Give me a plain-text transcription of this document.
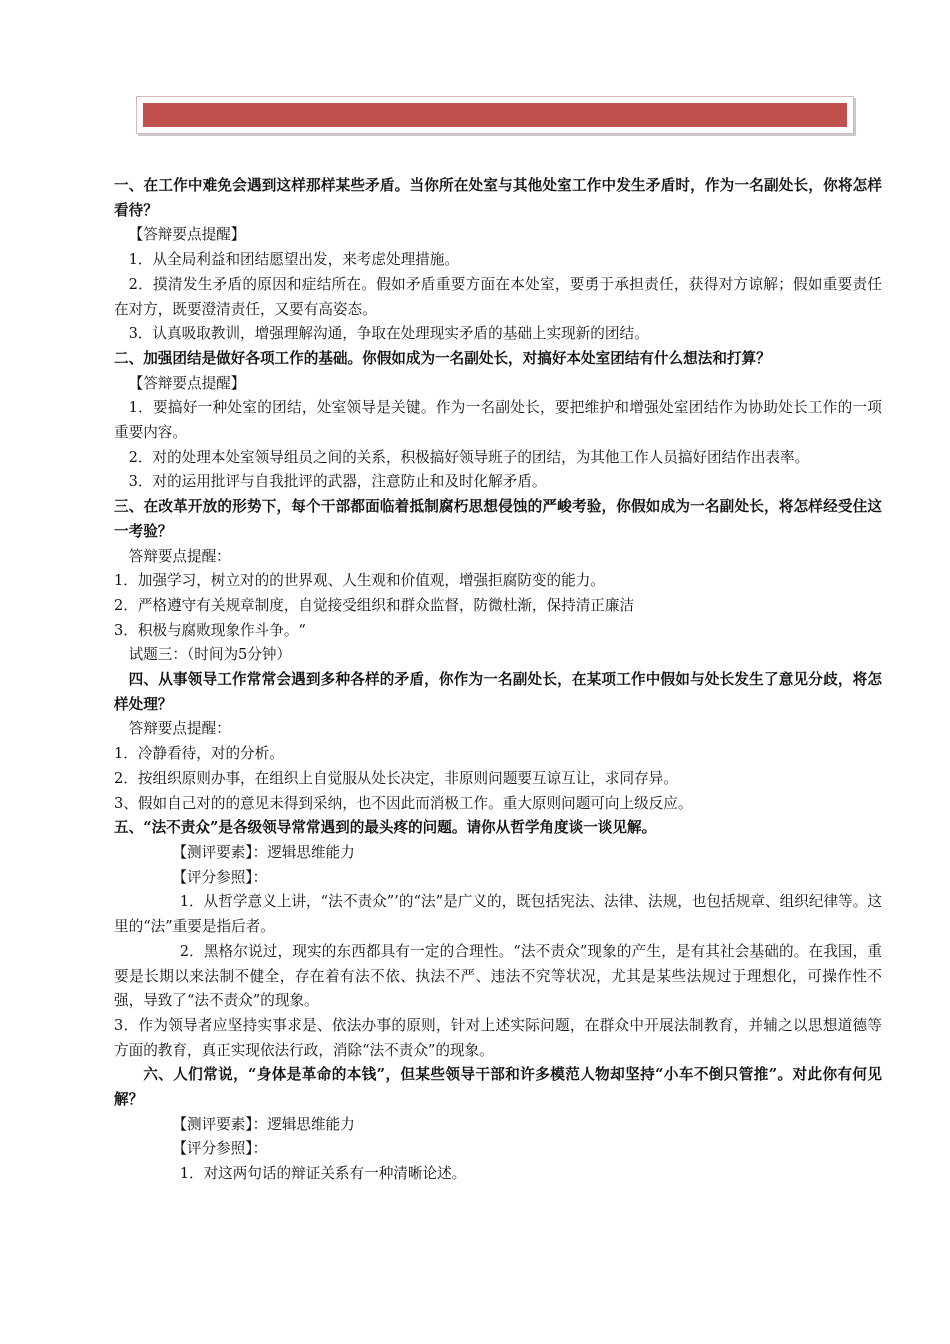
一、在工作中难免会遇到这样那样某些矛盾。当你所在处室与其他处室工作中发生矛盾时，作为一名副处长，你将怎样看待？

【答辩要点提醒】

1．从全局利益和团结愿望出发，来考虑处理措施。

2．摸清发生矛盾的原因和症结所在。假如矛盾重要方面在本处室，要勇于承担责任，获得对方谅解；假如重要责任在对方，既要澄清责任，又要有高姿态。

3．认真吸取教训，增强理解沟通，争取在处理现实矛盾的基础上实现新的团结。

二、加强团结是做好各项工作的基础。你假如成为一名副处长，对搞好本处室团结有什么想法和打算？

【答辩要点提醒】

1．要搞好一种处室的团结，处室领导是关键。作为一名副处长，要把维护和增强处室团结作为协助处长工作的一项重要内容。

2．对的处理本处室领导组员之间的关系，积极搞好领导班子的团结，为其他工作人员搞好团结作出表率。

3．对的运用批评与自我批评的武器，注意防止和及时化解矛盾。

三、在改革开放的形势下，每个干部都面临着抵制腐朽思想侵蚀的严峻考验，你假如成为一名副处长，将怎样经受住这一考验？

答辩要点提醒：

1．加强学习，树立对的的世界观、人生观和价值观，增强拒腐防变的能力。

2．严格遵守有关规章制度，自觉接受组织和群众监督，防微杜渐，保持清正廉洁

3．积极与腐败现象作斗争。“

试题三：（时间为5分钟）

四、从事领导工作常常会遇到多种各样的矛盾，你作为一名副处长，在某项工作中假如与处长发生了意见分歧，将怎样处理？

答辩要点提醒：

1．冷静看待，对的分析。

2．按组织原则办事，在组织上自觉服从处长决定，非原则问题要互谅互让，求同存异。

3、假如自己对的的意见未得到采纳，也不因此而消极工作。重大原则问题可向上级反应。

五、“法不责众”是各级领导常常遇到的最头疼的问题。请你从哲学角度谈一谈见解。

【测评要素】：逻辑思维能力

【评分参照】：

1．从哲学意义上讲，“法不责众”’的“法”是广义的，既包括宪法、法律、法规，也包括规章、组织纪律等。这里的“法”重要是指后者。

2．黑格尔说过，现实的东西都具有一定的合理性。“法不责众”现象的产生，是有其社会基础的。在我国，重要是长期以来法制不健全，存在着有法不依、执法不严、违法不究等状况，尤其是某些法规过于理想化，可操作性不强，导致了“法不责众”的现象。

3．作为领导者应坚持实事求是、依法办事的原则，针对上述实际问题，在群众中开展法制教育，并辅之以思想道德等方面的教育，真正实现依法行政，消除“法不责众”的现象。

六、人们常说，“身体是革命的本钱”，但某些领导干部和许多模范人物却坚持“小车不倒只管推”。对此你有何见解？

【测评要素】：逻辑思维能力

【评分参照】：

1．对这两句话的辩证关系有一种清晰论述。
